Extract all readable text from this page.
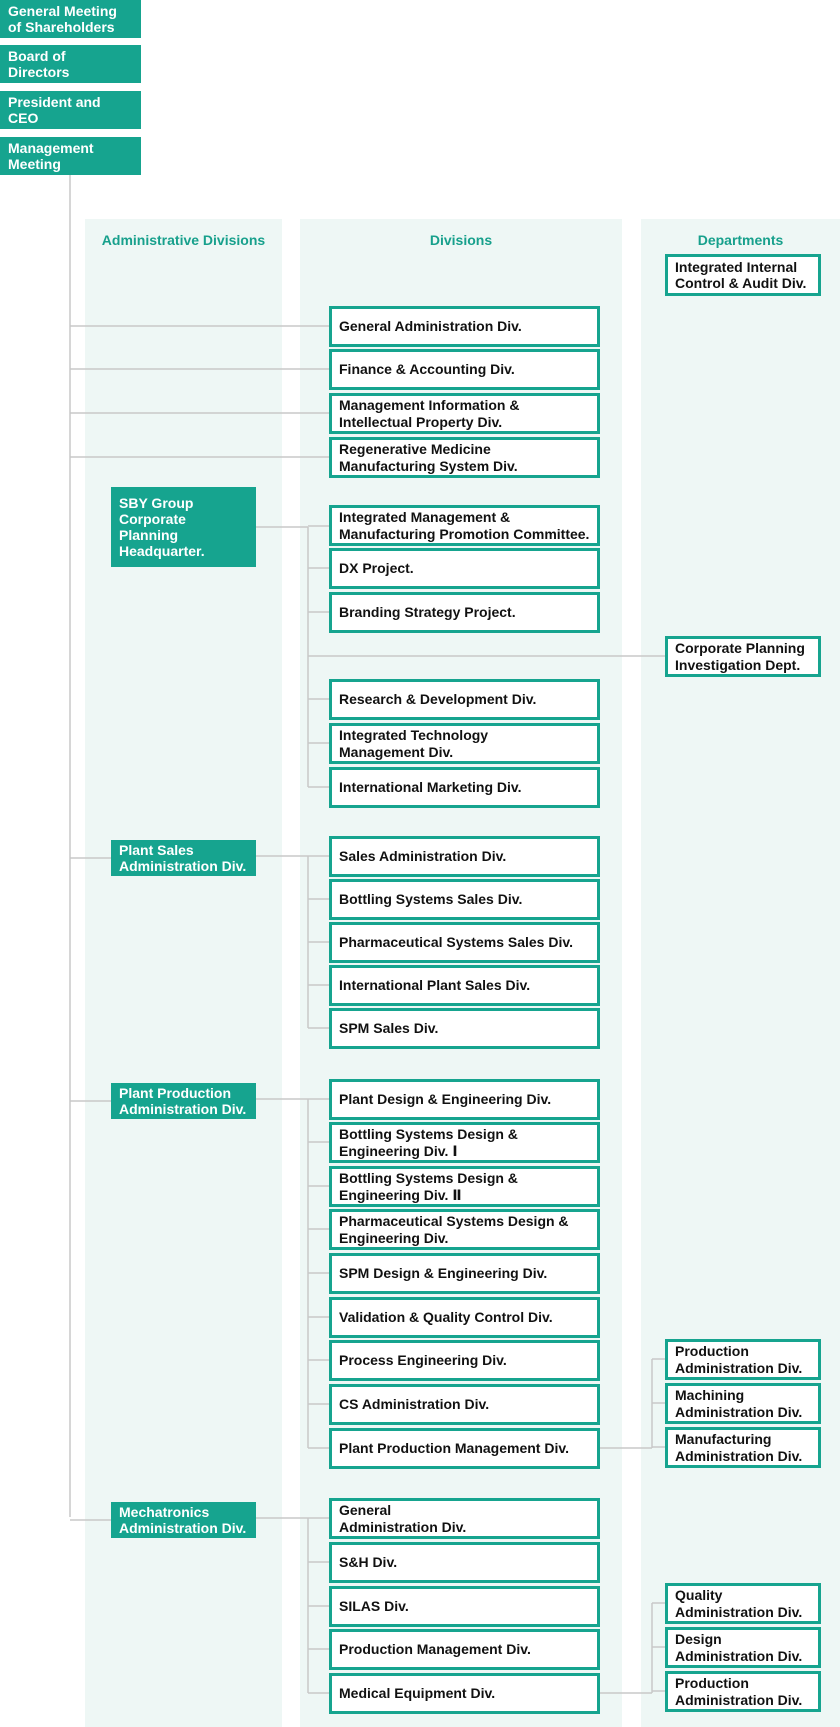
Administrative Divisions	Divisions	Departments
General Meeting
of Shareholders
Board of
Directors
President and
CEO
Management
Meeting
Integrated Internal
Control & Audit Div.
General Administration Div.
Finance & Accounting Div.
Management Information &
Intellectual Property Div.
Regenerative Medicine
Manufacturing System Div.
SBY Group
Corporate
Planning
Headquarter.
Integrated Management &
Manufacturing Promotion Committee.
DX Project.
Branding Strategy Project.
Research & Development Div.
Integrated Technology
Management Div.
International Marketing Div.
Corporate Planning
Investigation Dept.
Plant Sales
Administration Div.
Sales Administration Div.
Bottling Systems Sales Div.
Pharmaceutical Systems Sales Div.
International Plant Sales Div.
SPM Sales Div.
Plant Production
Administration Div.
Plant Design & Engineering Div.
Bottling Systems Design &
Engineering Div. Ⅰ
Bottling Systems Design &
Engineering Div. Ⅱ
Pharmaceutical Systems Design &
Engineering Div.
SPM Design & Engineering Div.
Validation & Quality Control Div.
Process Engineering Div.
CS Administration Div.
Plant Production Management Div.
Production
Administration Div.
Machining
Administration Div.
Manufacturing
Administration Div.
Mechatronics
Administration Div.
General
Administration Div.
S&H Div.
SILAS Div.
Production Management Div.
Medical Equipment Div.
Quality
Administration Div.
Design
Administration Div.
Production
Administration Div.
